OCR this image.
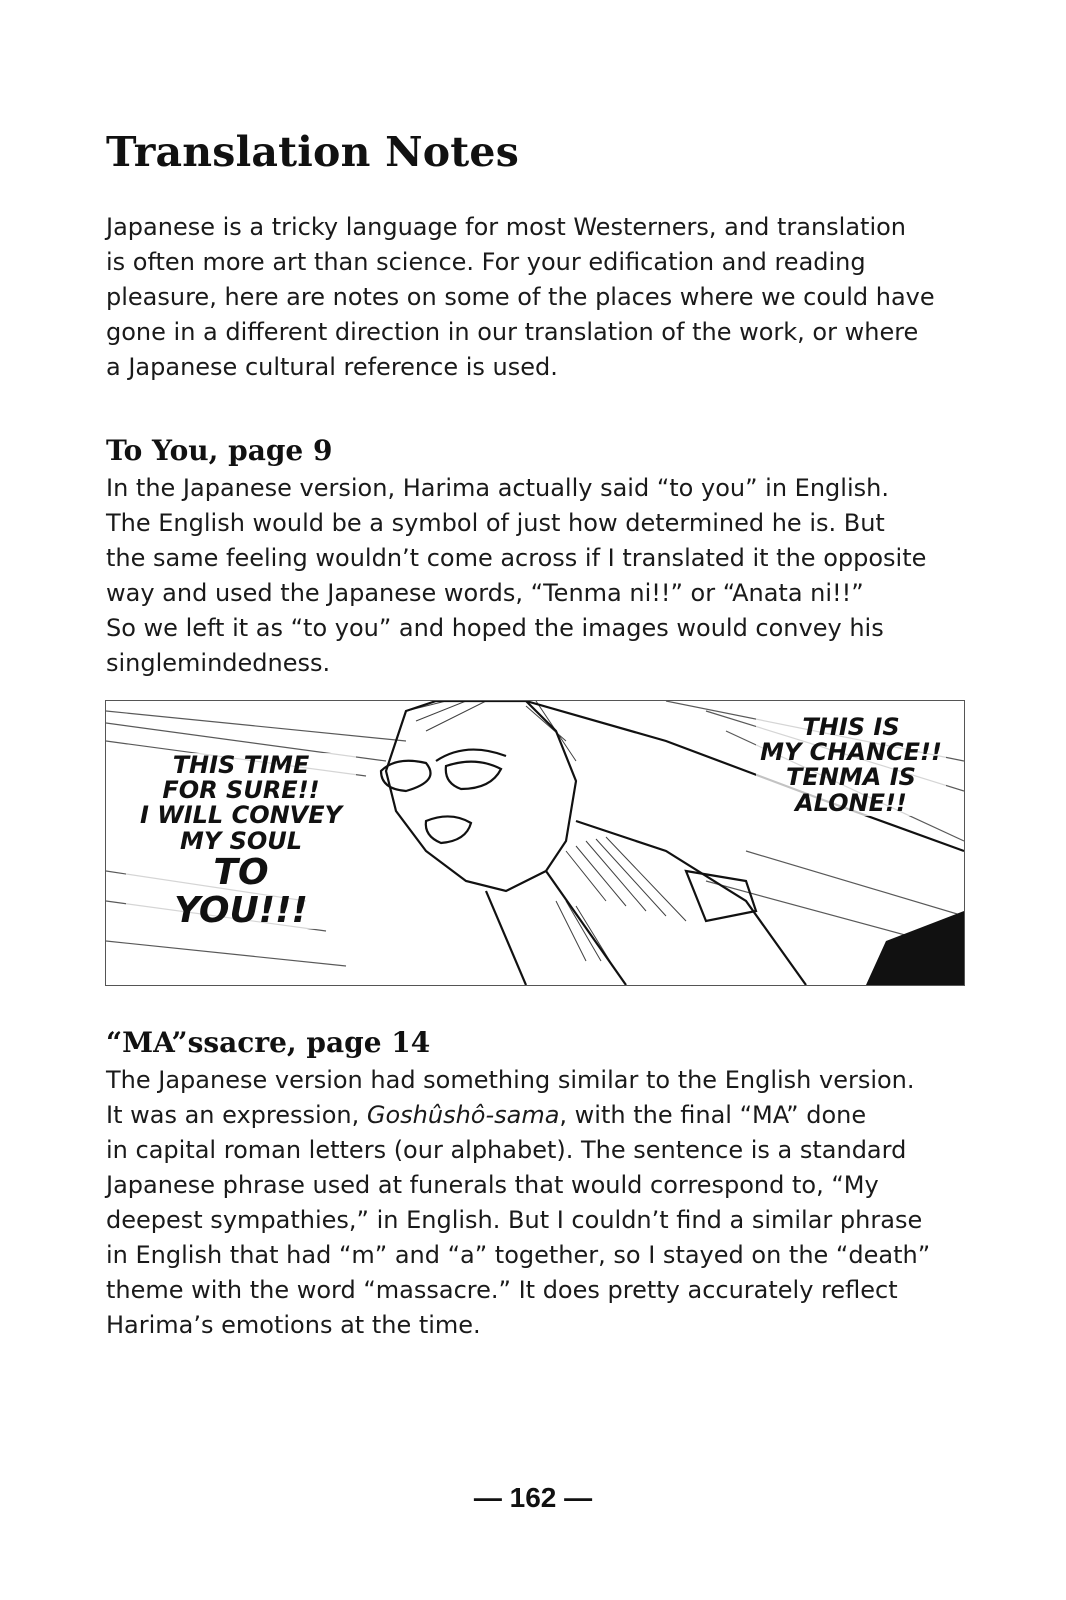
Translation Notes
Japanese is a tricky language for most Westerners, and translation
is often more art than science. For your edification and reading
pleasure, here are notes on some of the places where we could have
gone in a different direction in our translation of the work, or where
a Japanese cultural reference is used.
To You, page 9
In the Japanese version, Harima actually said “to you” in English.
The English would be a symbol of just how determined he is. But
the same feeling wouldn’t come across if I translated it the opposite
way and used the Japanese words, “Tenma ni!!” or “Anata ni!!”
So we left it as “to you” and hoped the images would convey his
singlemindedness.
THIS TIME
FOR SURE!!
I WILL CONVEY
MY SOUL
TO
YOU!!!
THIS IS
MY CHANCE!!
TENMA IS
ALONE!!
“MA”ssacre, page 14
The Japanese version had something similar to the English version.
It was an expression, Goshûshô-sama, with the final “MA” done
in capital roman letters (our alphabet). The sentence is a standard
Japanese phrase used at funerals that would correspond to, “My
deepest sympathies,” in English. But I couldn’t find a similar phrase
in English that had “m” and “a” together, so I stayed on the “death”
theme with the word “massacre.” It does pretty accurately reflect
Harima’s emotions at the time.

— 162 —
